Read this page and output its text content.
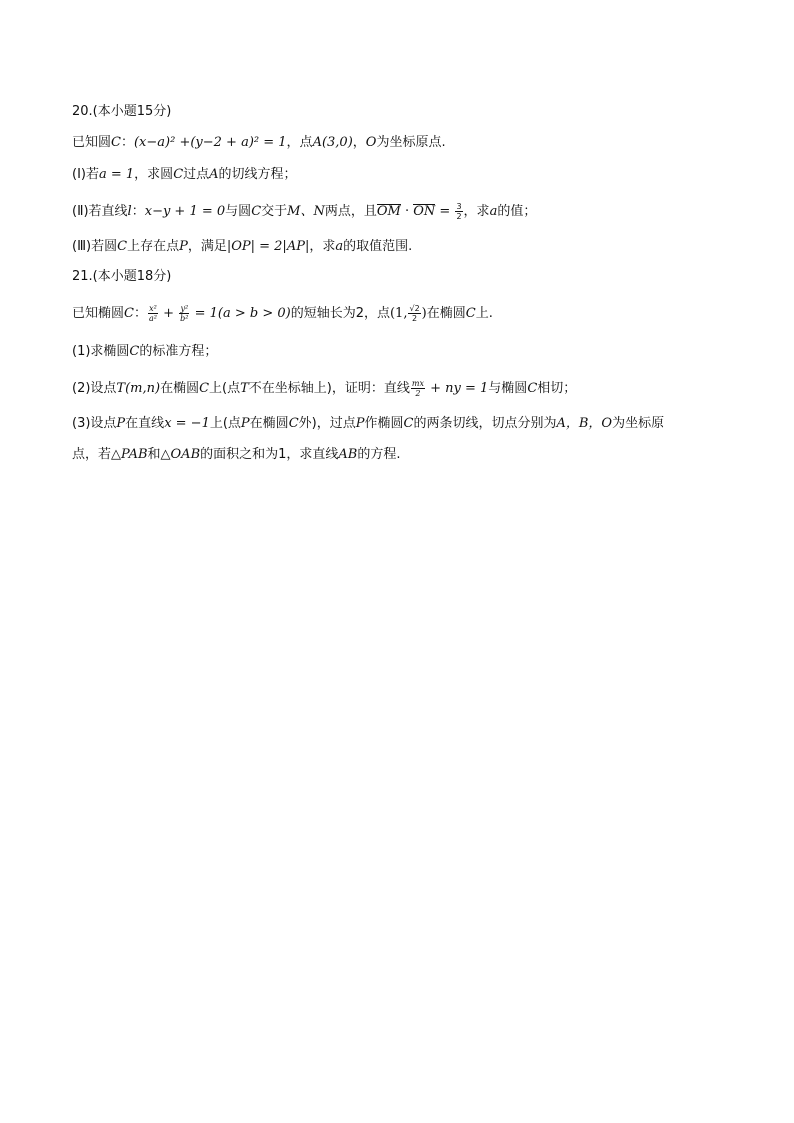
20.(本小题15分)
已知圆C：(x−a)² +(y−2 + a)² = 1，点A(3,0)，O为坐标原点.
(Ⅰ)若a = 1，求圆C过点A的切线方程；
(Ⅱ)若直线l：x−y + 1 = 0与圆C交于M、N两点，且OM · ON = $\frac{3}{2}$ ，求a的值；
(Ⅲ)若圆C上存在点P，满足|OP| = 2|AP|，求a的取值范围.
21.(本小题18分)
已知椭圆C： $\frac{\text{x²}}{\text{a²}} + \frac{\text{y²}}{\text{b²}} = 1(a > b > 0)$的短轴长为2，点(1, $\frac{√2}{2}$ )在椭圆C上.
(1)求椭圆C的标准方程；
(2)设点T(m,n)在椭圆C上(点T不在坐标轴上)，证明：直线 $\frac{mx}{2}$ + ny = 1与椭圆C相切；
(3)设点P在直线x = −1上(点P在椭圆C外)，过点P作椭圆C的两条切线，切点分别为A，B，O为坐标原
点，若△PAB和△OAB的面积之和为1，求直线AB的方程.
